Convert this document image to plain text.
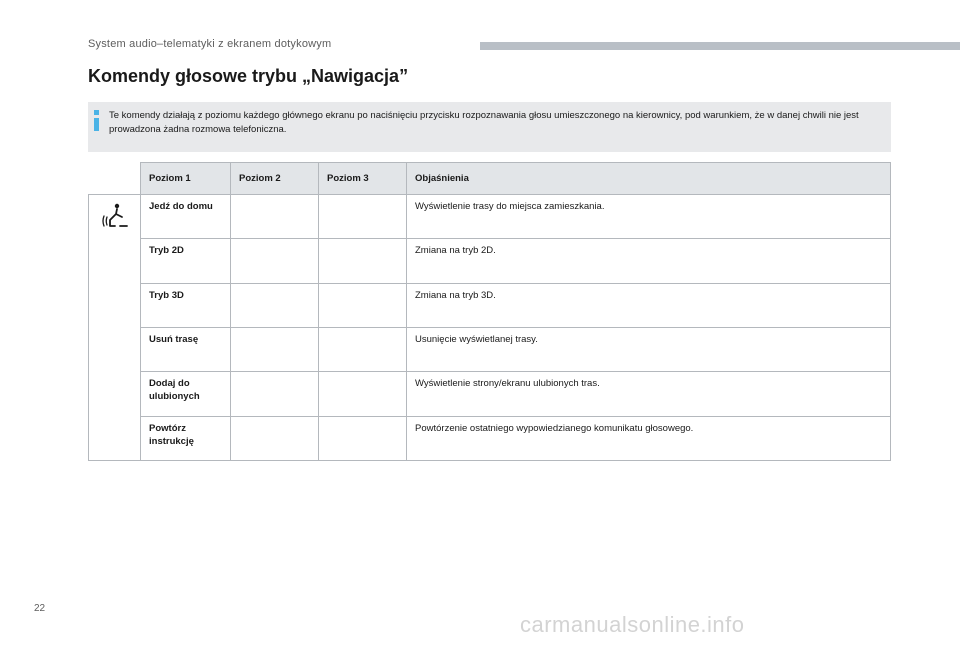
System audio–telematyki z ekranem dotykowym
Komendy głosowe trybu „Nawigacja”
Te komendy działają z poziomu każdego głównego ekranu po naciśnięciu przycisku rozpoznawania głosu umieszczonego na kierownicy, pod warunkiem, że w danej chwili nie jest prowadzona żadna rozmowa telefoniczna.
	Poziom 1	Poziom 2	Poziom 3	Objaśnienia
	Jedź do domu			Wyświetlenie trasy do miejsca zamieszkania.
	Tryb 2D			Zmiana na tryb 2D.
	Tryb 3D			Zmiana na tryb 3D.
	Usuń trasę			Usunięcie wyświetlanej trasy.
	Dodaj do ulubionych			Wyświetlenie strony/ekranu ulubionych tras.
	Powtórz instrukcję			Powtórzenie ostatniego wypowiedzianego komunikatu głosowego.
22
carmanualsonline.info
